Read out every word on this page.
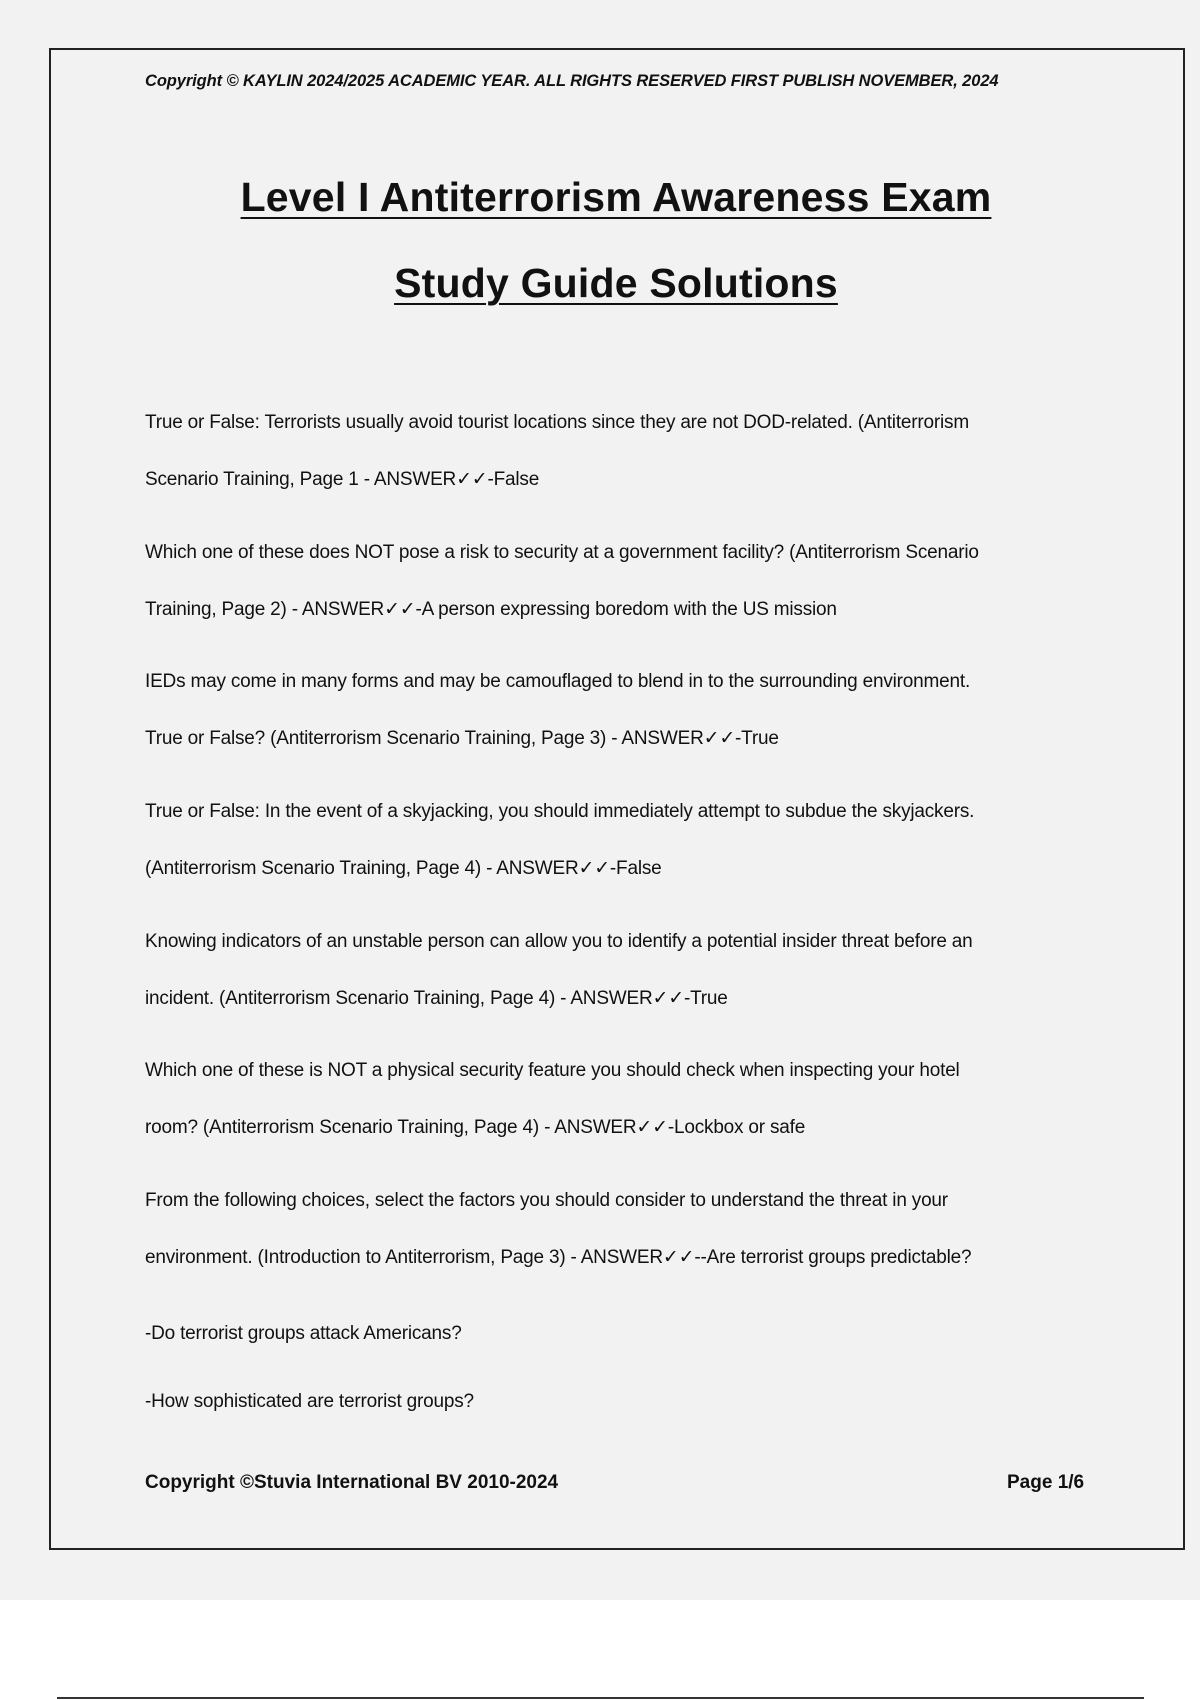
Copyright © KAYLIN 2024/2025 ACADEMIC YEAR. ALL RIGHTS RESERVED FIRST PUBLISH NOVEMBER, 2024
Level I Antiterrorism Awareness Exam
Study Guide Solutions
True or False: Terrorists usually avoid tourist locations since they are not DOD-related. (Antiterrorism
Scenario Training, Page 1 - ANSWER✓✓-False
Which one of these does NOT pose a risk to security at a government facility? (Antiterrorism Scenario
Training, Page 2) - ANSWER✓✓-A person expressing boredom with the US mission
IEDs may come in many forms and may be camouflaged to blend in to the surrounding environment.
True or False? (Antiterrorism Scenario Training, Page 3) - ANSWER✓✓-True
True or False: In the event of a skyjacking, you should immediately attempt to subdue the skyjackers.
(Antiterrorism Scenario Training, Page 4) - ANSWER✓✓-False
Knowing indicators of an unstable person can allow you to identify a potential insider threat before an
incident. (Antiterrorism Scenario Training, Page 4) - ANSWER✓✓-True
Which one of these is NOT a physical security feature you should check when inspecting your hotel
room? (Antiterrorism Scenario Training, Page 4) - ANSWER✓✓-Lockbox or safe
From the following choices, select the factors you should consider to understand the threat in your
environment. (Introduction to Antiterrorism, Page 3) - ANSWER✓✓--Are terrorist groups predictable?
-Do terrorist groups attack Americans?
-How sophisticated are terrorist groups?
Copyright ©Stuvia International BV 2010-2024	Page 1/6
